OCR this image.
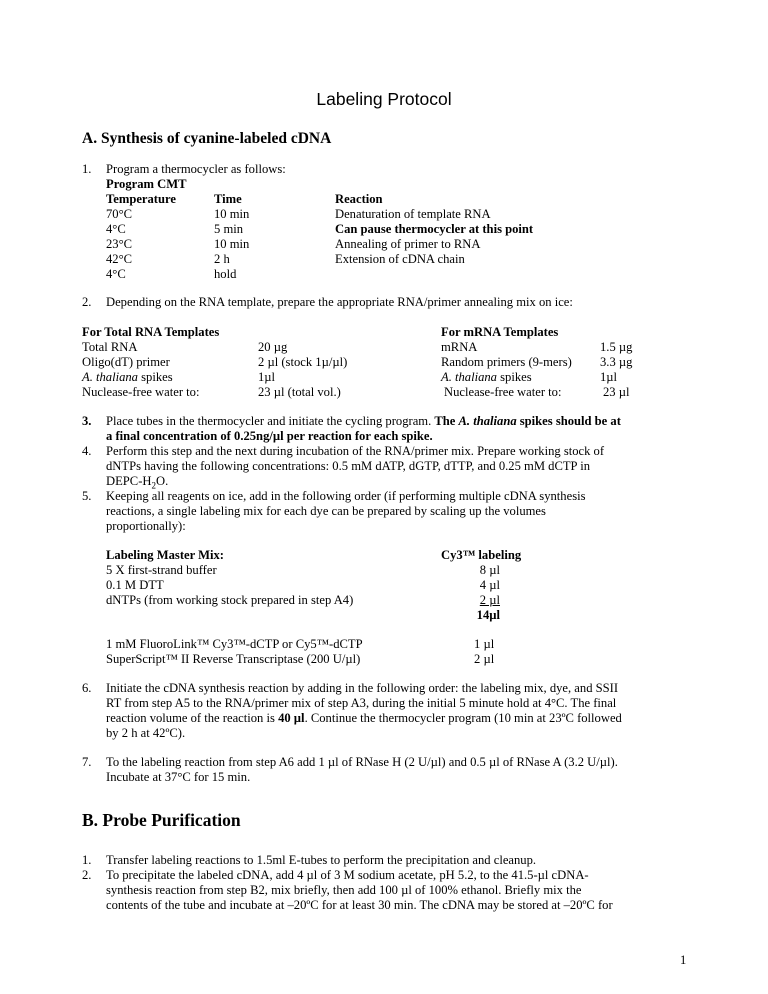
Labeling Protocol
A. Synthesis of cyanine-labeled cDNA
1. Program a thermocycler as follows:
Program CMT
Temperature	Time	Reaction
70°C	10 min	Denaturation of template RNA
4°C	5 min	Can pause thermocycler at this point
23°C	10 min	Annealing of primer to RNA
42°C	2 h	Extension of cDNA chain
4°C	hold
2. Depending on the RNA template, prepare the appropriate RNA/primer annealing mix on ice:
For Total RNA Templates
Total RNA	20 µg
Oligo(dT) primer	2 µl (stock 1µ/µl)
A. thaliana spikes	1µl
Nuclease-free water to:	23 µl (total vol.)
For mRNA Templates
mRNA	1.5 µg
Random primers (9-mers) 3.3 µg
A. thaliana spikes	1µl
Nuclease-free water to:	23 µl
3. Place tubes in the thermocycler and initiate the cycling program. The A. thaliana spikes should be at
a final concentration of 0.25ng/µl per reaction for each spike.
4. Perform this step and the next during incubation of the RNA/primer mix. Prepare working stock of
dNTPs having the following concentrations: 0.5 mM dATP, dGTP, dTTP, and 0.25 mM dCTP in
DEPC-$H_2O$.
5. Keeping all reagents on ice, add in the following order (if performing multiple cDNA synthesis
reactions, a single labeling mix for each dye can be prepared by scaling up the volumes
proportionally):
Labeling Master Mix:	Cy3™ labeling
5 X first-strand buffer	8 µl
0.1 M DTT	4 µl
dNTPs (from working stock prepared in step A4)	2 µl
14µl
1 mM FluoroLink™ Cy3™-dCTP or Cy5™-dCTP	1 µl
SuperScript™ II Reverse Transcriptase (200 U/µl)	2 µl
6. Initiate the cDNA synthesis reaction by adding in the following order: the labeling mix, dye, and SSII
RT from step A5 to the RNA/primer mix of step A3, during the initial 5 minute hold at 4°C. The final
reaction volume of the reaction is 40 µl. Continue the thermocycler program (10 min at 23ºC followed
by 2 h at 42ºC).
7. To the labeling reaction from step A6 add 1 µl of RNase H (2 U/µl) and 0.5 µl of RNase A (3.2 U/µl).
Incubate at 37°C for 15 min.
B. Probe Purification
1. Transfer labeling reactions to 1.5ml E-tubes to perform the precipitation and cleanup.
2. To precipitate the labeled cDNA, add 4 µl of 3 M sodium acetate, pH 5.2, to the 41.5-µl cDNA-
synthesis reaction from step B2, mix briefly, then add 100 µl of 100% ethanol. Briefly mix the
contents of the tube and incubate at –20ºC for at least 30 min. The cDNA may be stored at –20ºC for
1
